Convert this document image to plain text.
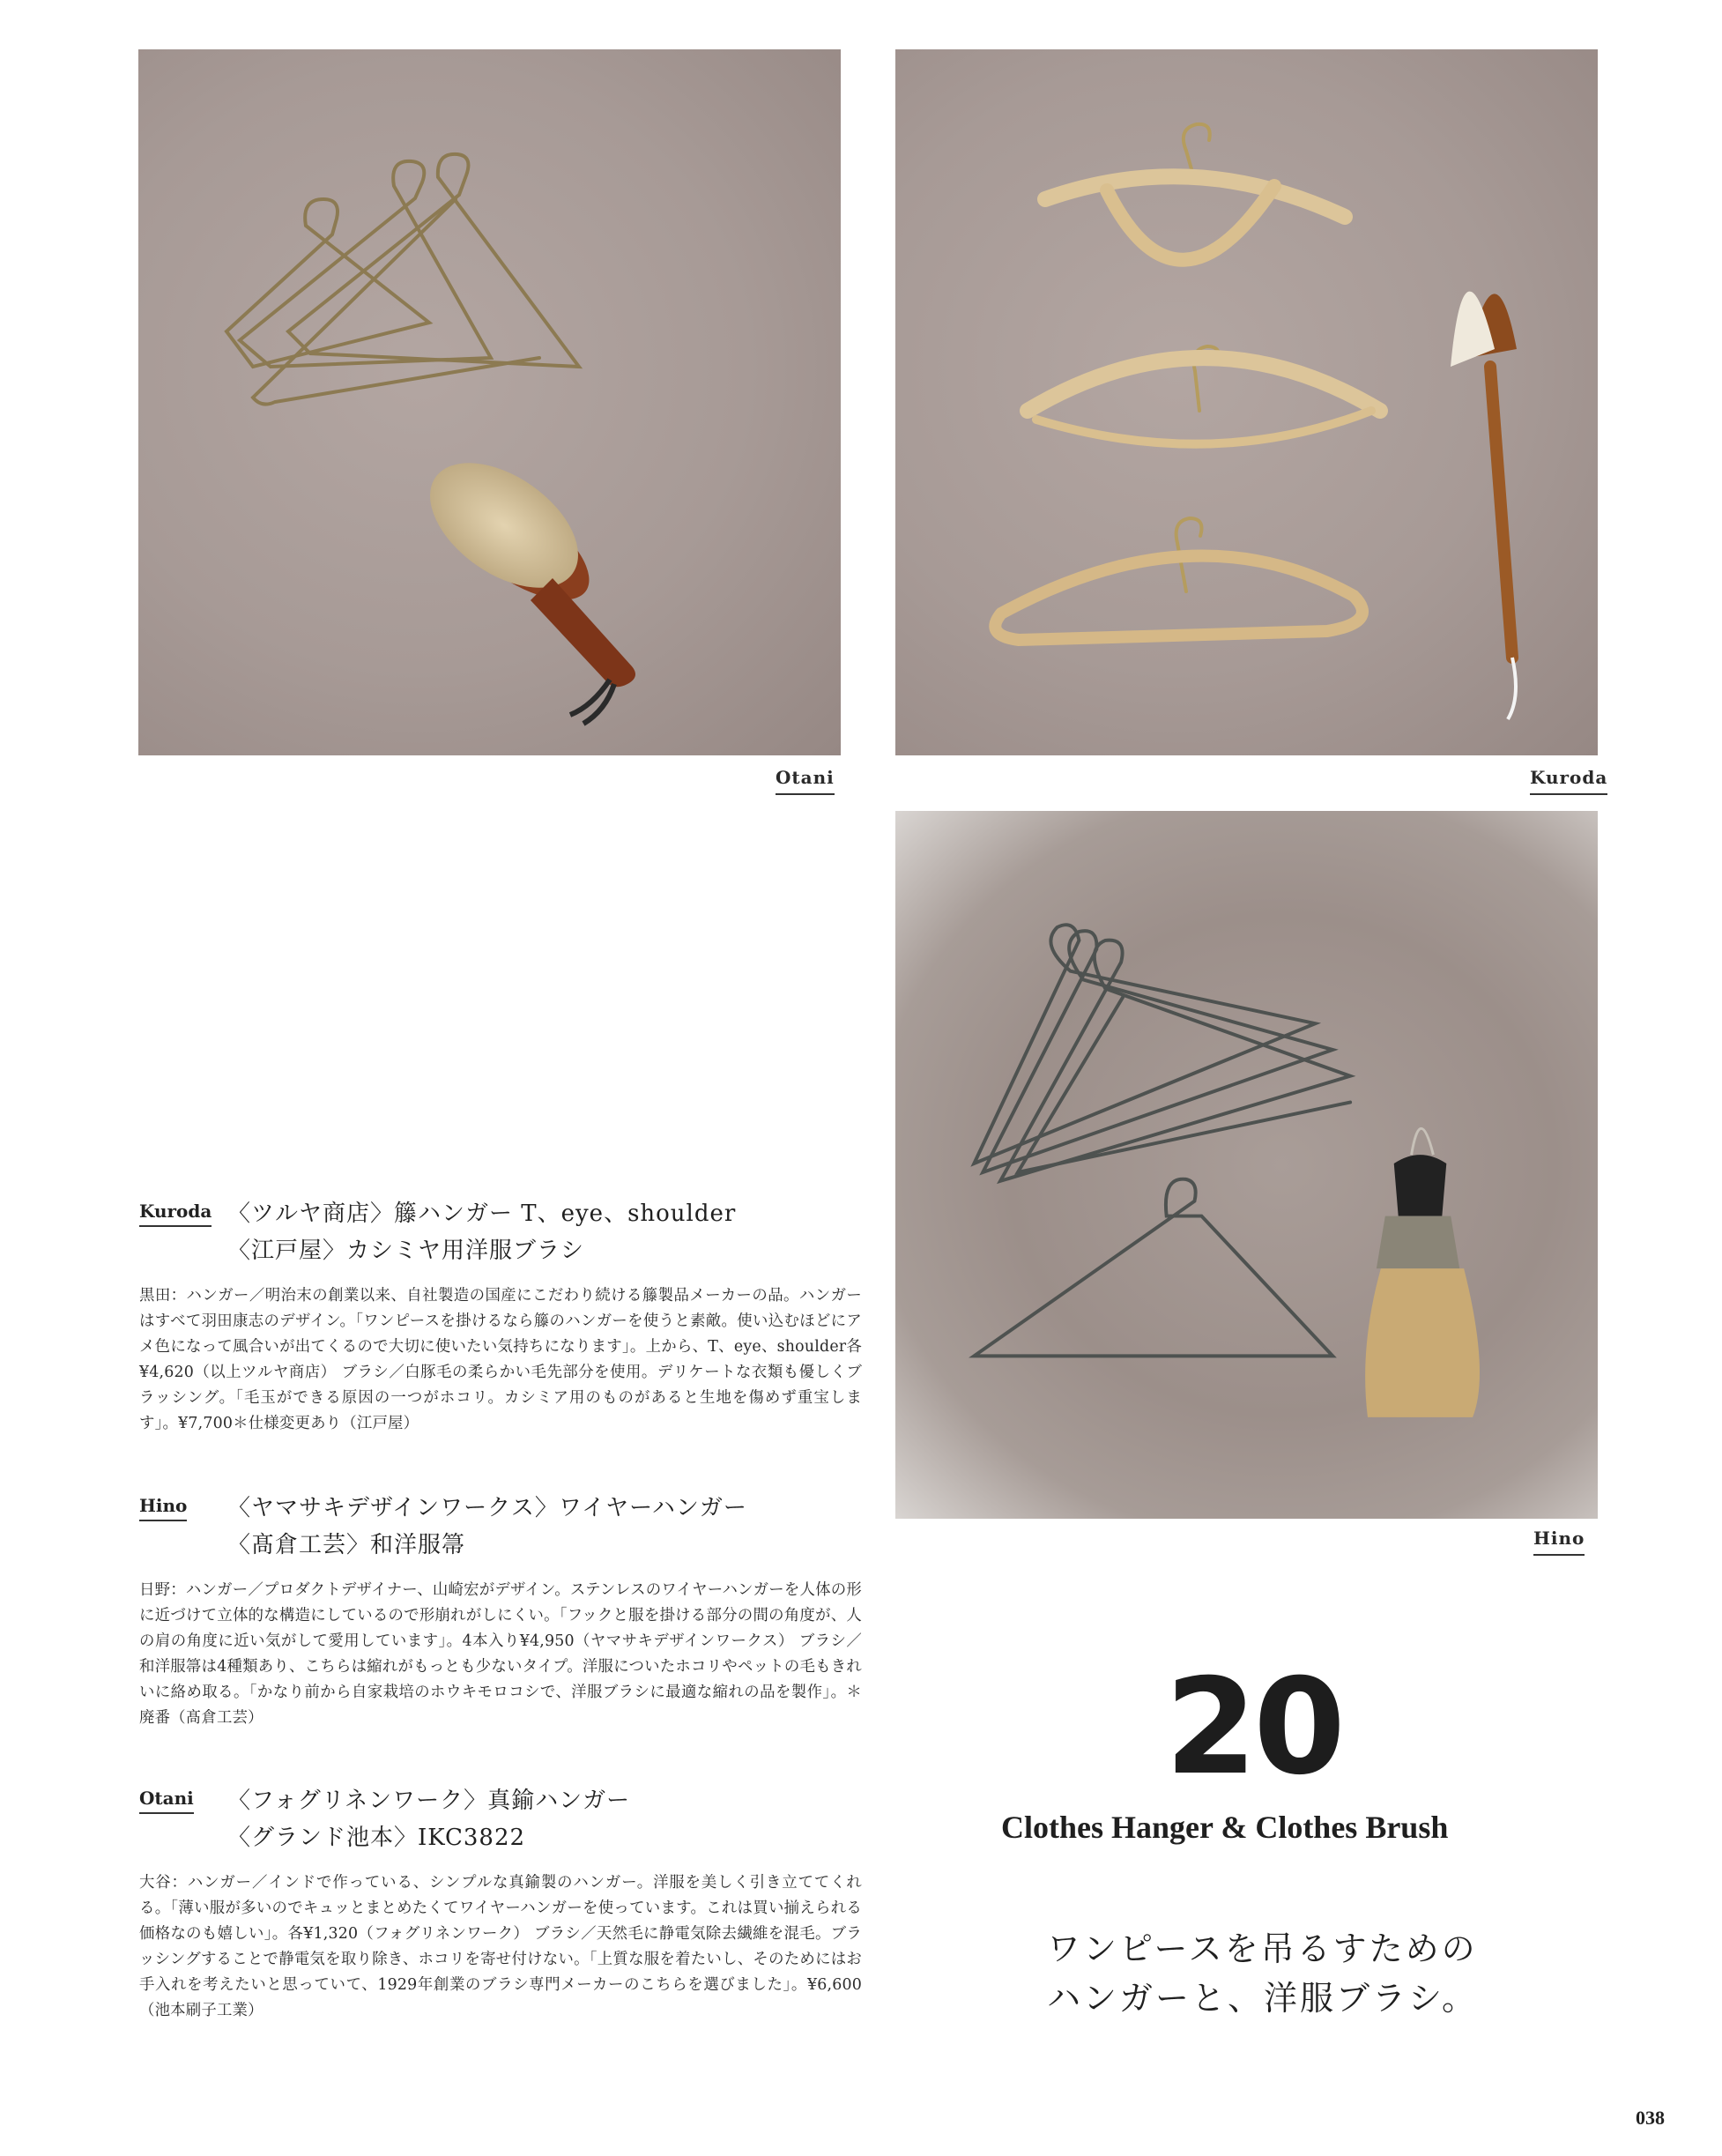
Otani	Kuroda
Hino
Kuroda 〈ツルヤ商店〉籐ハンガー T、eye、shoulder
〈江戸屋〉カシミヤ用洋服ブラシ
黒田：ハンガー／明治末の創業以来、自社製造の国産にこだわり続ける籐製品メーカーの品。ハンガーはすべて羽田康志のデザイン。「ワンピースを掛けるなら籐のハンガーを使うと素敵。使い込むほどにアメ色になって風合いが出てくるので大切に使いたい気持ちになります」。上から、T、eye、shoulder各¥4,620（以上ツルヤ商店） ブラシ／白豚毛の柔らかい毛先部分を使用。デリケートな衣類も優しくブラッシング。「毛玉ができる原因の一つがホコリ。カシミア用のものがあると生地を傷めず重宝します」。¥7,700＊仕様変更あり（江戸屋）
Hino 〈ヤマサキデザインワークス〉ワイヤーハンガー
〈髙倉工芸〉和洋服箒
日野：ハンガー／プロダクトデザイナー、山崎宏がデザイン。ステンレスのワイヤーハンガーを人体の形に近づけて立体的な構造にしているので形崩れがしにくい。「フックと服を掛ける部分の間の角度が、人の肩の角度に近い気がして愛用しています」。4本入り¥4,950（ヤマサキデザインワークス） ブラシ／和洋服箒は4種類あり、こちらは縮れがもっとも少ないタイプ。洋服についたホコリやペットの毛もきれいに絡め取る。「かなり前から自家栽培のホウキモロコシで、洋服ブラシに最適な縮れの品を製作」。＊廃番（髙倉工芸）
Otani 〈フォグリネンワーク〉真鍮ハンガー
〈グランド池本〉IKC3822
大谷：ハンガー／インドで作っている、シンプルな真鍮製のハンガー。洋服を美しく引き立ててくれる。「薄い服が多いのでキュッとまとめたくてワイヤーハンガーを使っています。これは買い揃えられる価格なのも嬉しい」。各¥1,320（フォグリネンワーク） ブラシ／天然毛に静電気除去繊維を混毛。ブラッシングすることで静電気を取り除き、ホコリを寄せ付けない。「上質な服を着たいし、そのためにはお手入れを考えたいと思っていて、1929年創業のブラシ専門メーカーのこちらを選びました」。¥6,600（池本刷子工業）
20
Clothes Hanger & Clothes Brush
ワンピースを吊るすための
ハンガーと、洋服ブラシ。
038
